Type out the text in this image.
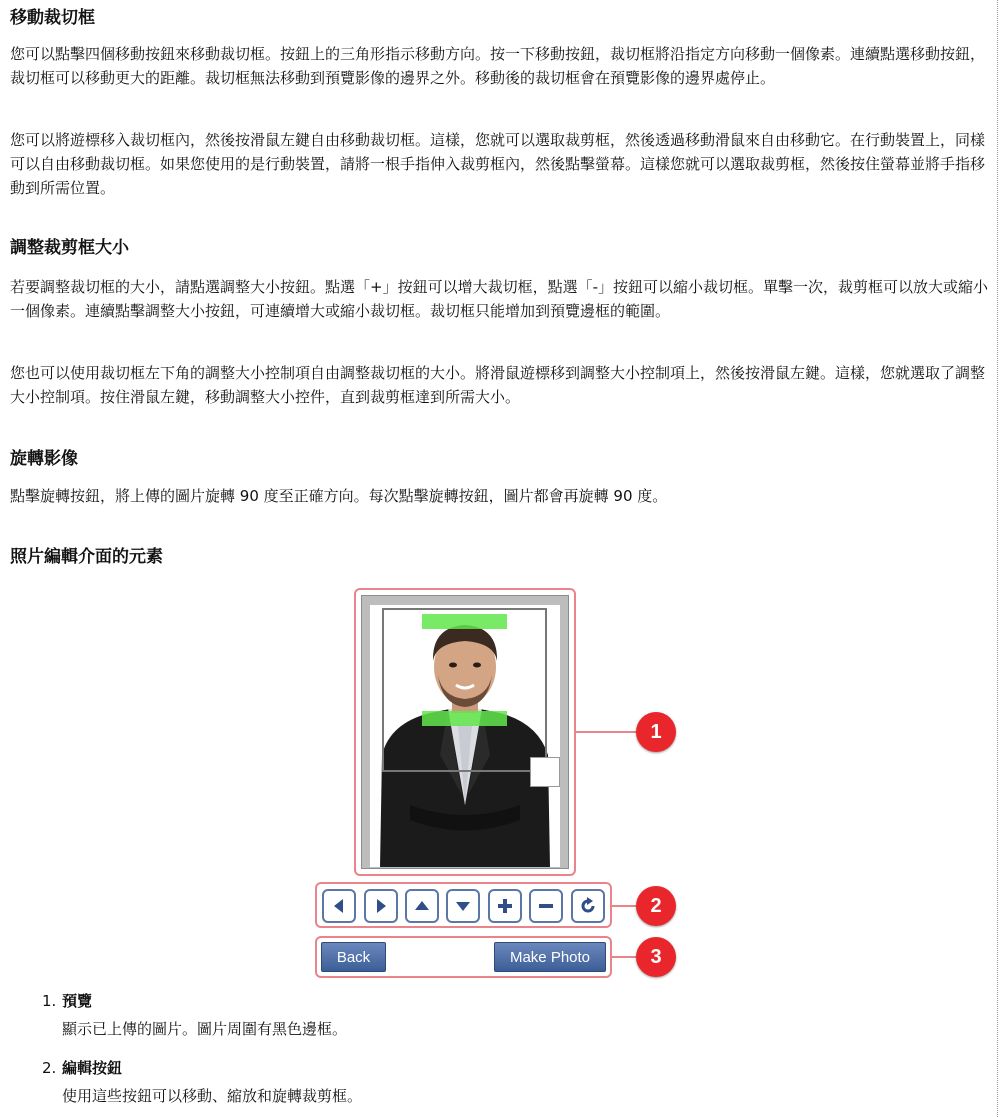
移動裁切框

您可以點擊四個移動按鈕來移動裁切框。按鈕上的三角形指示移動方向。按一下移動按鈕，裁切框將沿指定方向移動一個像素。連續點選移動按鈕，裁切框可以移動更大的距離。裁切框無法移動到預覽影像的邊界之外。移動後的裁切框會在預覽影像的邊界處停止。

您可以將遊標移入裁切框內，然後按滑鼠左鍵自由移動裁切框。這樣，您就可以選取裁剪框，然後透過移動滑鼠來自由移動它。在行動裝置上，同樣可以自由移動裁切框。如果您使用的是行動裝置，請將一根手指伸入裁剪框內，然後點擊螢幕。這樣您就可以選取裁剪框，然後按住螢幕並將手指移動到所需位置。

調整裁剪框大小

若要調整裁切框的大小，請點選調整大小按鈕。點選「+」按鈕可以增大裁切框，點選「-」按鈕可以縮小裁切框。單擊一次，裁剪框可以放大或縮小一個像素。連續點擊調整大小按鈕，可連續增大或縮小裁切框。裁切框只能增加到預覽邊框的範圍。

您也可以使用裁切框左下角的調整大小控制項自由調整裁切框的大小。將滑鼠遊標移到調整大小控制項上，然後按滑鼠左鍵。這樣，您就選取了調整大小控制項。按住滑鼠左鍵，移動調整大小控件，直到裁剪框達到所需大小。

旋轉影像

點擊旋轉按鈕，將上傳的圖片旋轉 90 度至正確方向。每次點擊旋轉按鈕，圖片都會再旋轉 90 度。

照片編輯介面的元素
1
2
Back	Make Photo	3
1. 預覽
顯示已上傳的圖片。圖片周圍有黑色邊框。
2. 編輯按鈕
使用這些按鈕可以移動、縮放和旋轉裁剪框。
